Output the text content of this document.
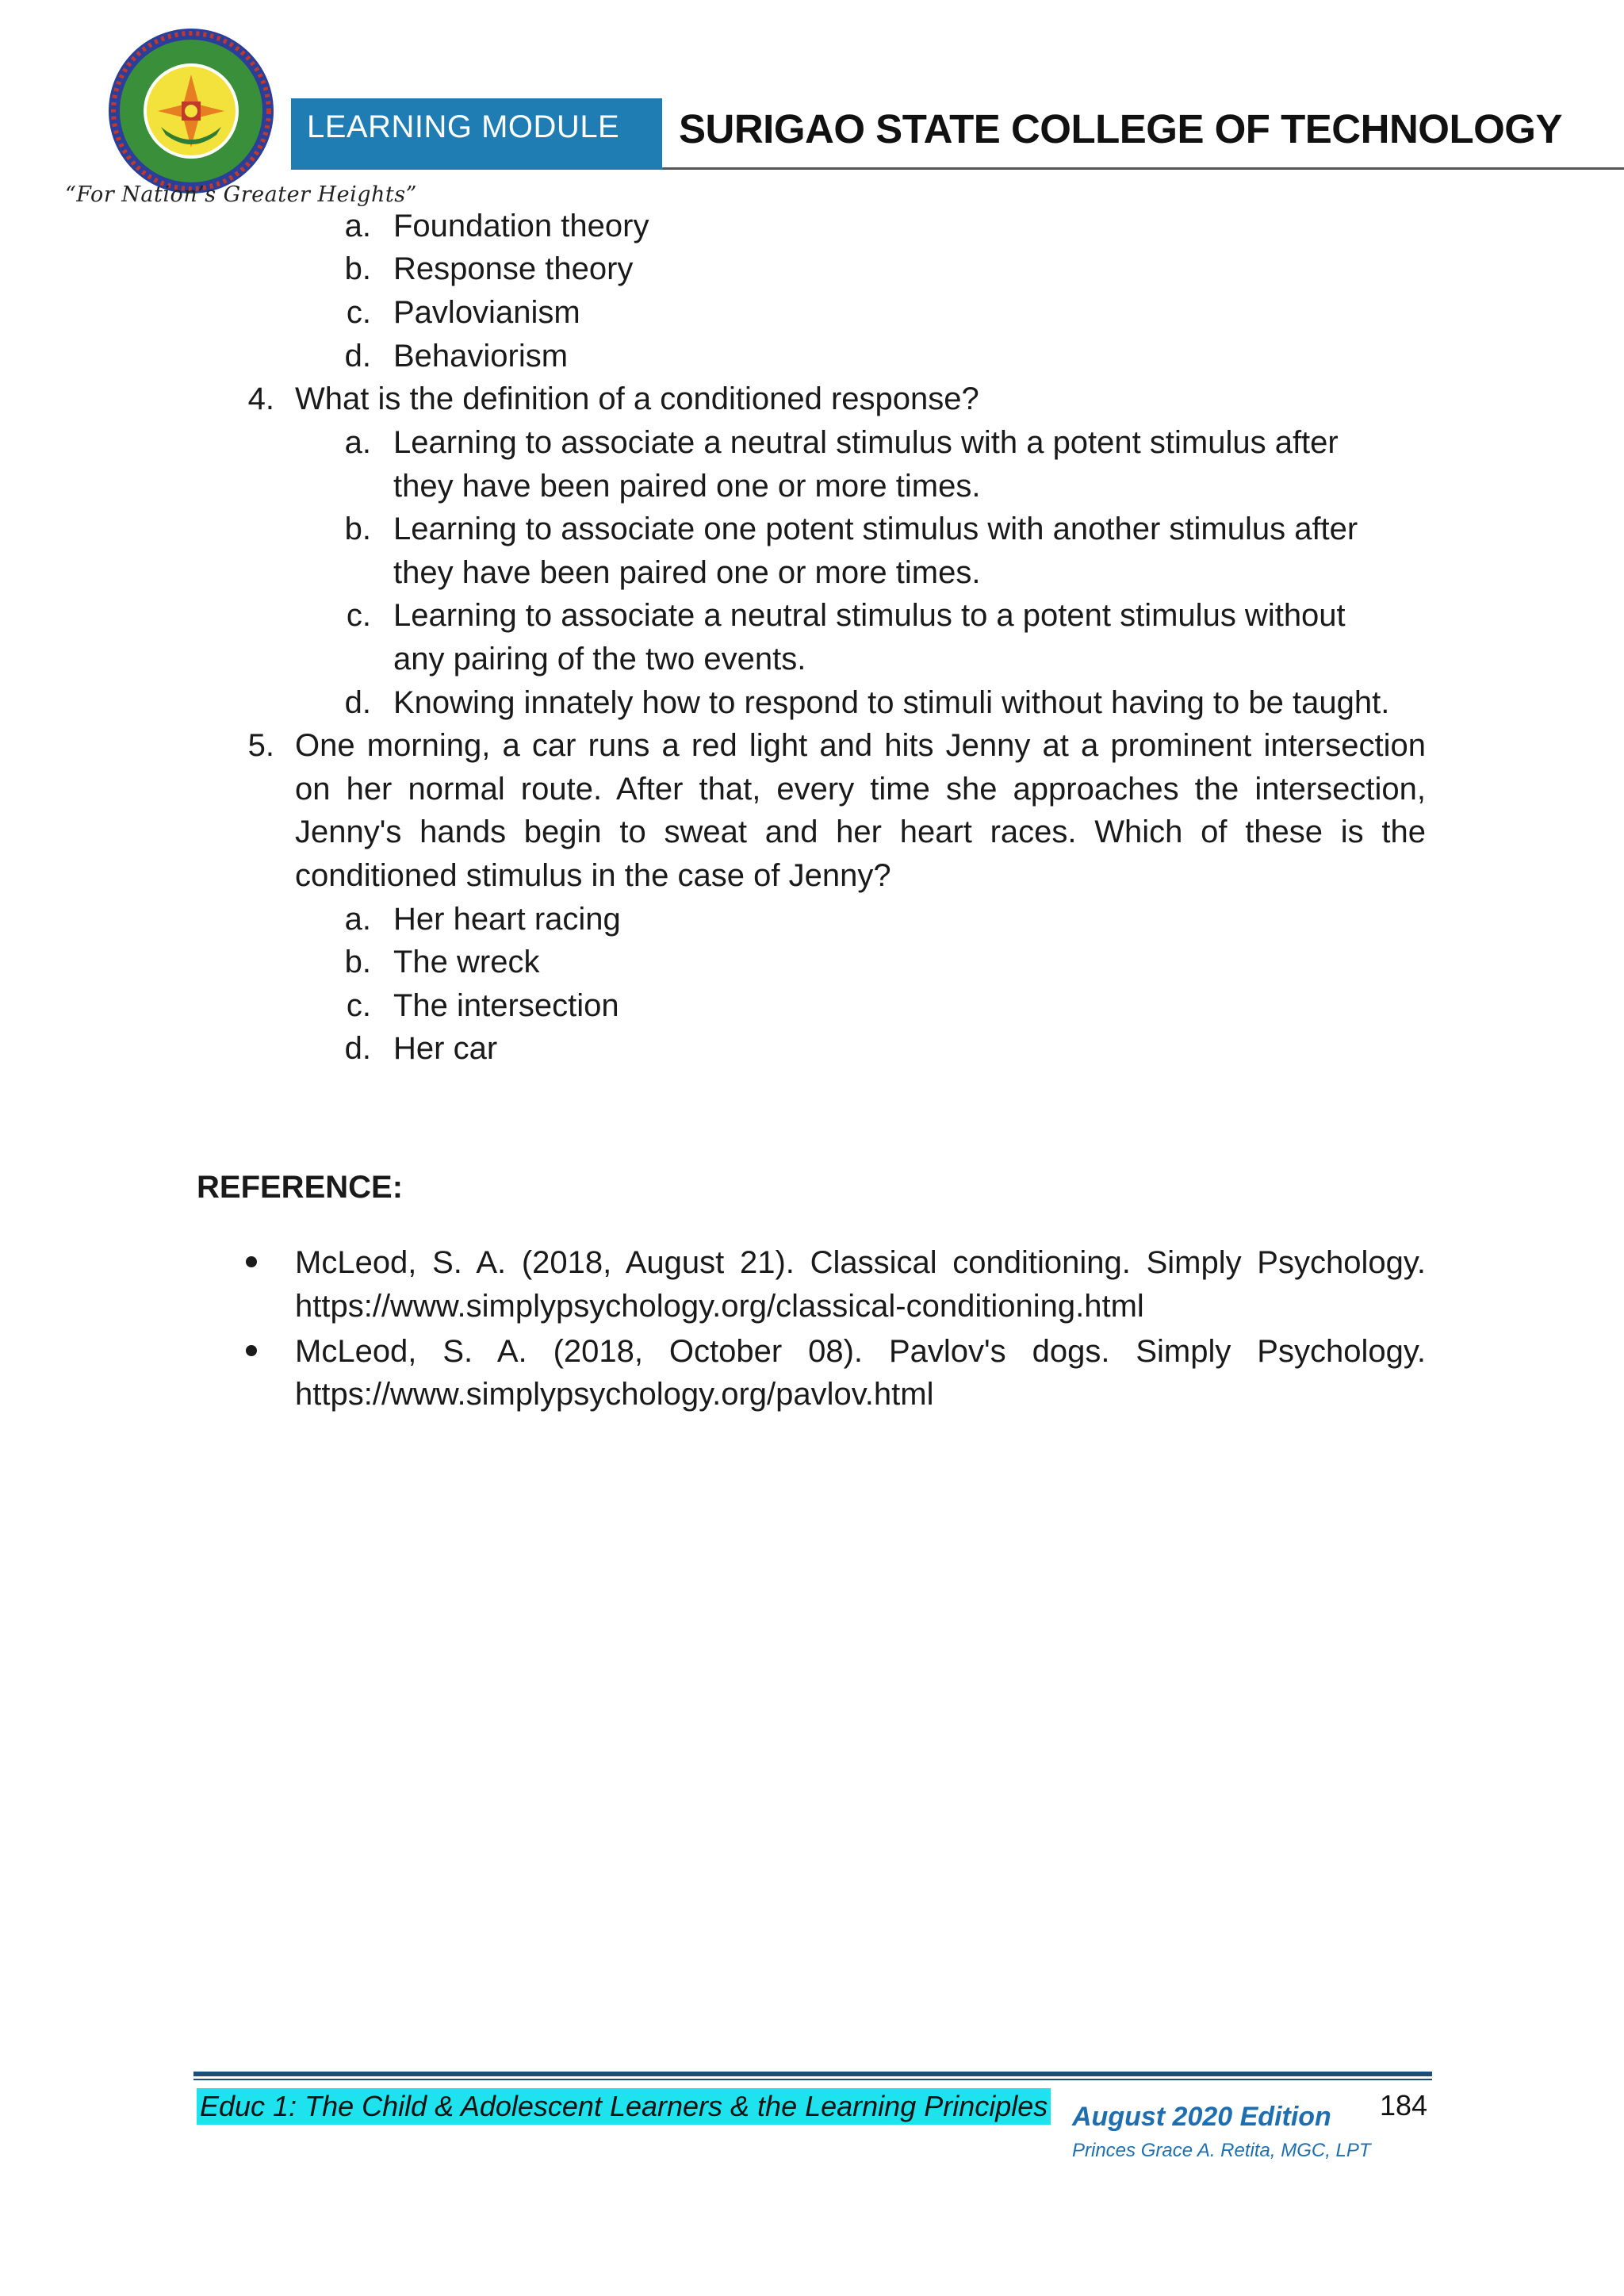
“For Nation’s Greater Heights”
LEARNING MODULE SURIGAO STATE COLLEGE OF TECHNOLOGY
a. Foundation theory
b. Response theory
c. Pavlovianism
d. Behaviorism
4. What is the definition of a conditioned response?
a. Learning to associate a neutral stimulus with a potent stimulus after
they have been paired one or more times.
b. Learning to associate one potent stimulus with another stimulus after
they have been paired one or more times.
c. Learning to associate a neutral stimulus to a potent stimulus without
any pairing of the two events.
d. Knowing innately how to respond to stimuli without having to be taught.
5. One morning, a car runs a red light and hits Jenny at a prominent intersection
on her normal route. After that, every time she approaches the intersection,
Jenny's hands begin to sweat and her heart races. Which of these is the
conditioned stimulus in the case of Jenny?
a. Her heart racing
b. The wreck
c. The intersection
d. Her car
REFERENCE:
McLeod, S. A. (2018, August 21). Classical conditioning. Simply Psychology.
https://www.simplypsychology.org/classical-conditioning.html
McLeod, S. A. (2018, October 08). Pavlov's dogs. Simply Psychology.
https://www.simplypsychology.org/pavlov.html
Educ 1: The Child & Adolescent Learners & the Learning Principles August 2020 Edition
Princes Grace A. Retita, MGC, LPT
184
